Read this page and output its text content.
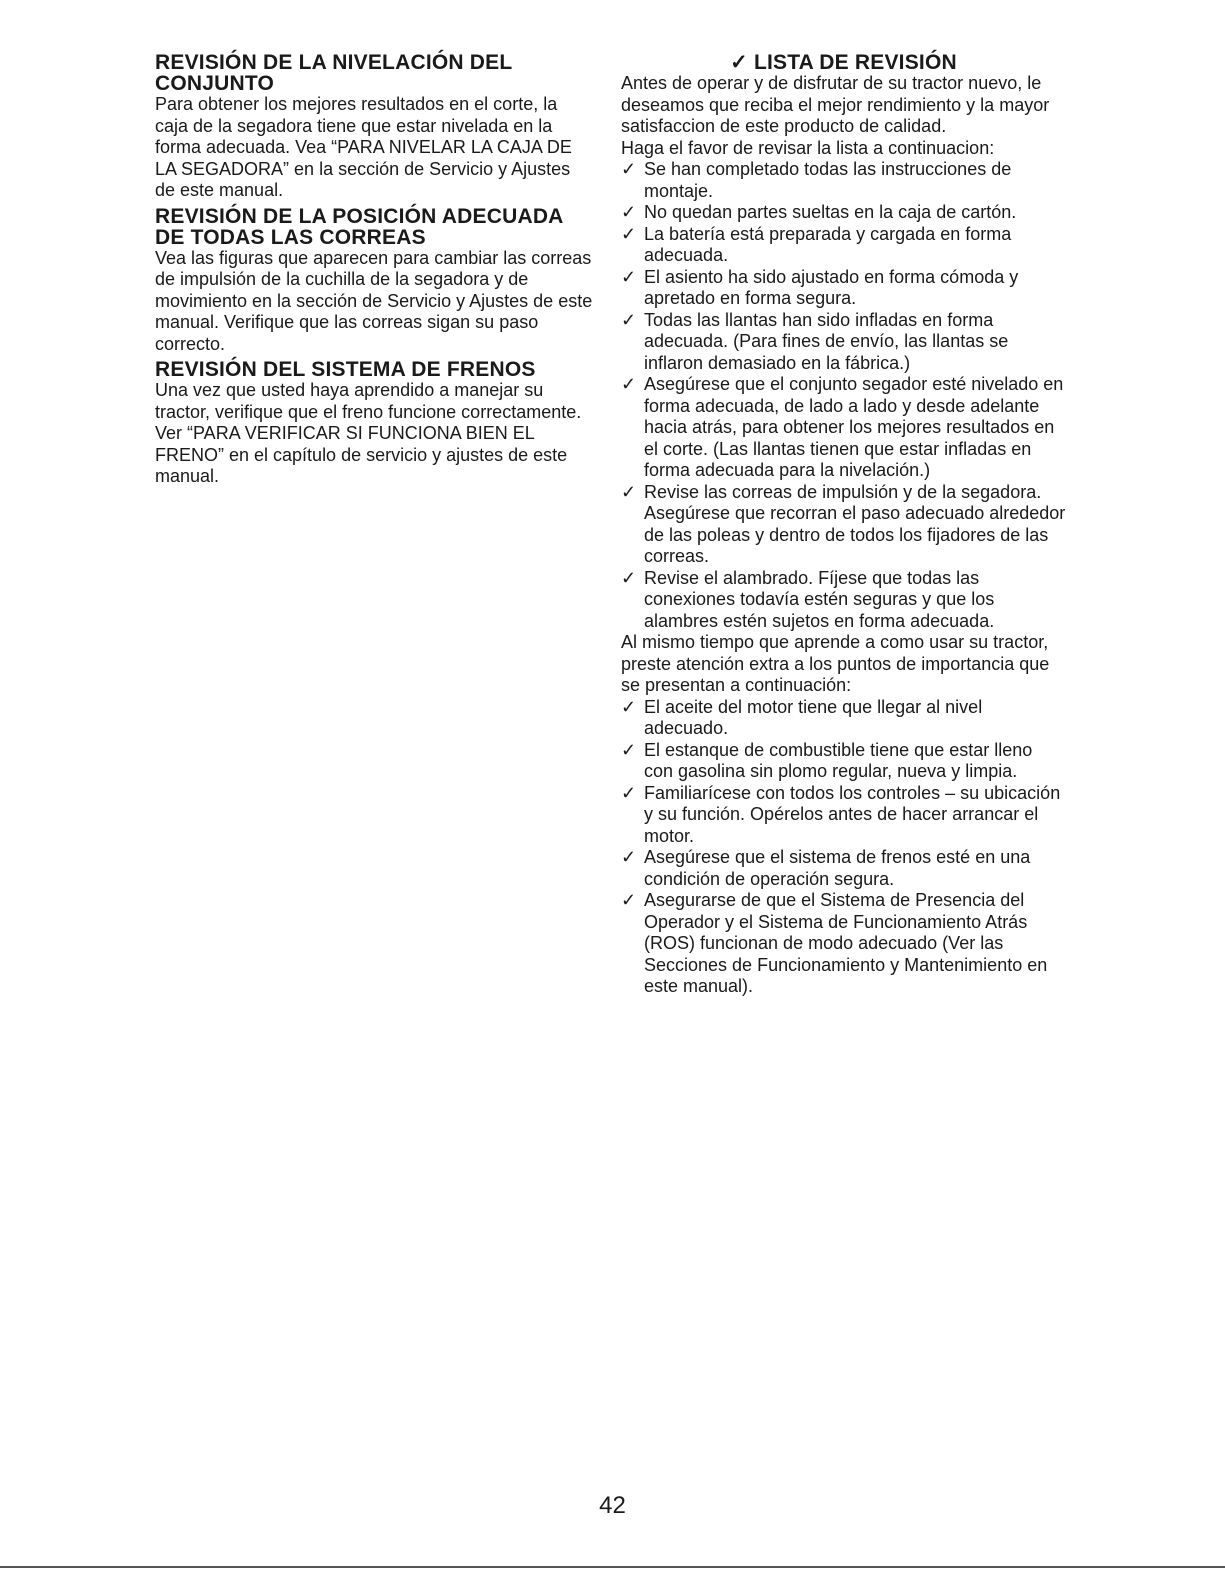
REVISIÓN DE LA NIVELACIÓN DEL CONJUNTO

Para obtener los mejores resultados en el corte, la caja de la segadora tiene que estar nivelada en la forma adecuada. Vea “PARA NIVELAR LA CAJA DE LA SEGADORA” en la sección de Servicio y Ajustes de este manual.

REVISIÓN DE LA POSICIÓN ADECUADA DE TODAS LAS CORREAS

Vea las figuras que aparecen para cambiar las correas de impulsión de la cuchilla de la segadora y de movimiento en la sección de Servicio y Ajustes de este manual. Verifique que las correas sigan su paso correcto.

REVISIÓN DEL SISTEMA DE FRENOS

Una vez que usted haya aprendido a manejar su tractor, verifique que el freno funcione correctamente. Ver “PARA VERIFICAR SI FUNCIONA BIEN EL FRENO” en el capítulo de servicio y ajustes de este manual.

✓ LISTA DE REVISIÓN

Antes de operar y de disfrutar de su tractor nuevo, le deseamos que reciba el mejor rendimiento y la mayor satisfaccion de este producto de calidad.

Haga el favor de revisar la lista a continuacion:

✓ Se han completado todas las instrucciones de montaje.
✓ No quedan partes sueltas en la caja de cartón.
✓ La batería está preparada y cargada en forma adecuada.
✓ El asiento ha sido ajustado en forma cómoda y apretado en forma segura.
✓ Todas las llantas han sido infladas en forma adecuada. (Para fines de envío, las llantas se inflaron demasiado en la fábrica.)
✓ Asegúrese que el conjunto segador esté nivelado en forma adecuada, de lado a lado y desde adelante hacia atrás, para obtener los mejores resultados en el corte. (Las llantas tienen que estar infladas en forma adecuada para la nivelación.)
✓ Revise las correas de impulsión y de la segadora. Asegúrese que recorran el paso adecuado alrededor de las poleas y dentro de todos los fijadores de las correas.
✓ Revise el alambrado. Fíjese que todas las conexiones todavía estén seguras y que los alambres estén sujetos en forma adecuada.

Al mismo tiempo que aprende a como usar su tractor, preste atención extra a los puntos de importancia que se presentan a continuación:

✓ El aceite del motor tiene que llegar al nivel adecuado.
✓ El estanque de combustible tiene que estar lleno con gasolina sin plomo regular, nueva y limpia.
✓ Familiarícese con todos los controles – su ubicación y su función. Opérelos antes de hacer arrancar el motor.
✓ Asegúrese que el sistema de frenos esté en una condición de operación segura.
✓ Asegurarse de que el Sistema de Presencia del Operador y el Sistema de Funcionamiento Atrás (ROS) funcionan de modo adecuado (Ver las Secciones de Funcionamiento y Mantenimiento en este manual).
42
